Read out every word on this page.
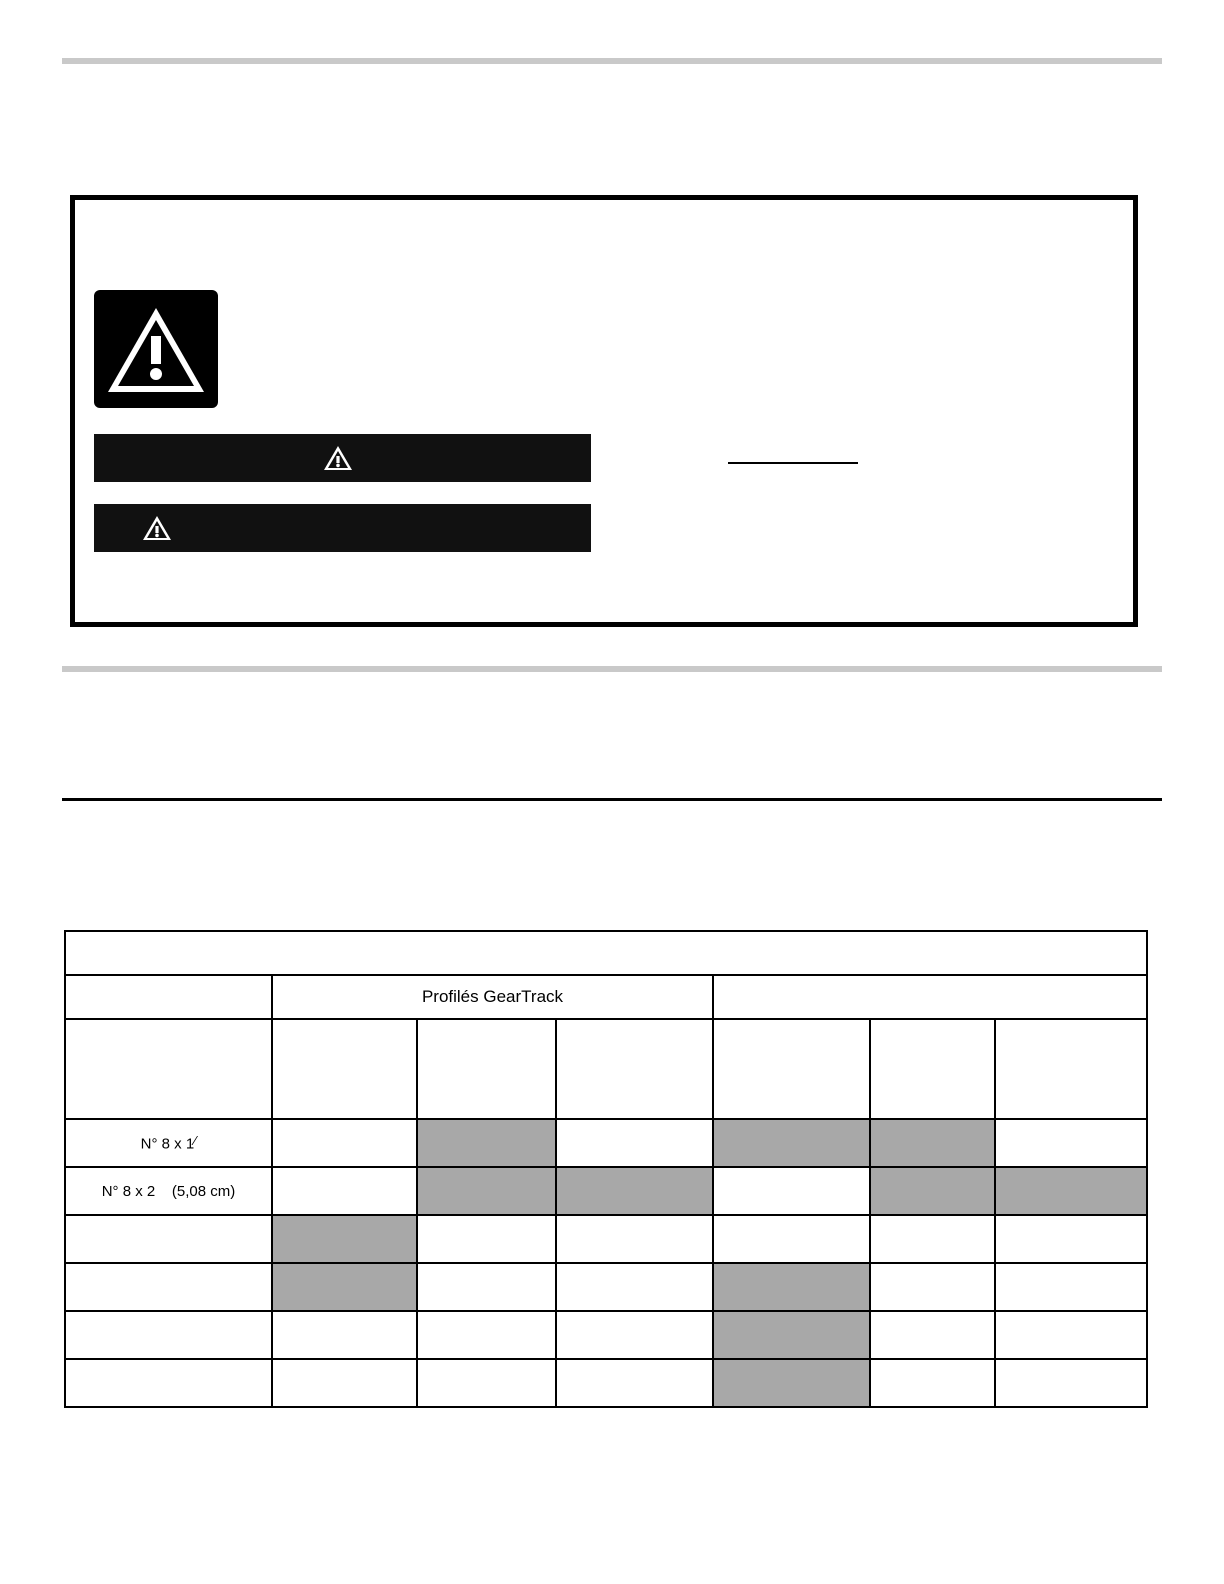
	Profilés GearTrack					

N° 8 x 1⁄						
N° 8 x 2 (5,08 cm)						
